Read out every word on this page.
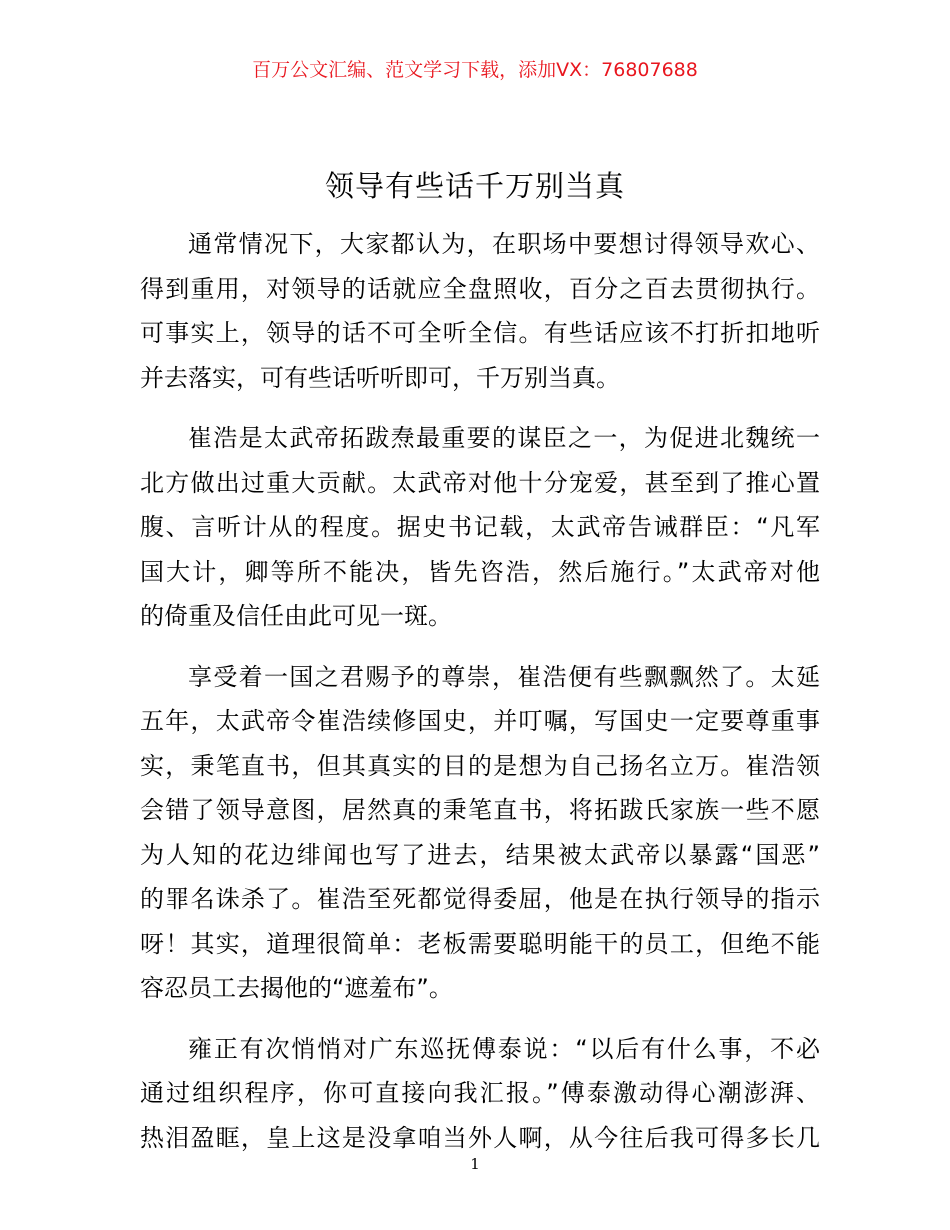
百万公文汇编、范文学习下载，添加VX：76807688
领导有些话千万别当真
通常情况下，大家都认为，在职场中要想讨得领导欢心、
得到重用，对领导的话就应全盘照收，百分之百去贯彻执行。
可事实上，领导的话不可全听全信。有些话应该不打折扣地听
并去落实，可有些话听听即可，千万别当真。
崔浩是太武帝拓跋焘最重要的谋臣之一，为促进北魏统一
北方做出过重大贡献。太武帝对他十分宠爱，甚至到了推心置
腹、言听计从的程度。据史书记载，太武帝告诫群臣：“凡军
国大计，卿等所不能决，皆先咨浩，然后施行。”太武帝对他
的倚重及信任由此可见一斑。
享受着一国之君赐予的尊崇，崔浩便有些飘飘然了。太延
五年，太武帝令崔浩续修国史，并叮嘱，写国史一定要尊重事
实，秉笔直书，但其真实的目的是想为自己扬名立万。崔浩领
会错了领导意图，居然真的秉笔直书，将拓跋氏家族一些不愿
为人知的花边绯闻也写了进去，结果被太武帝以暴露“国恶”
的罪名诛杀了。崔浩至死都觉得委屈，他是在执行领导的指示
呀！其实，道理很简单：老板需要聪明能干的员工，但绝不能
容忍员工去揭他的“遮羞布”。
雍正有次悄悄对广东巡抚傅泰说：“以后有什么事，不必
通过组织程序，你可直接向我汇报。”傅泰激动得心潮澎湃、
热泪盈眶，皇上这是没拿咱当外人啊，从今往后我可得多长几
1
